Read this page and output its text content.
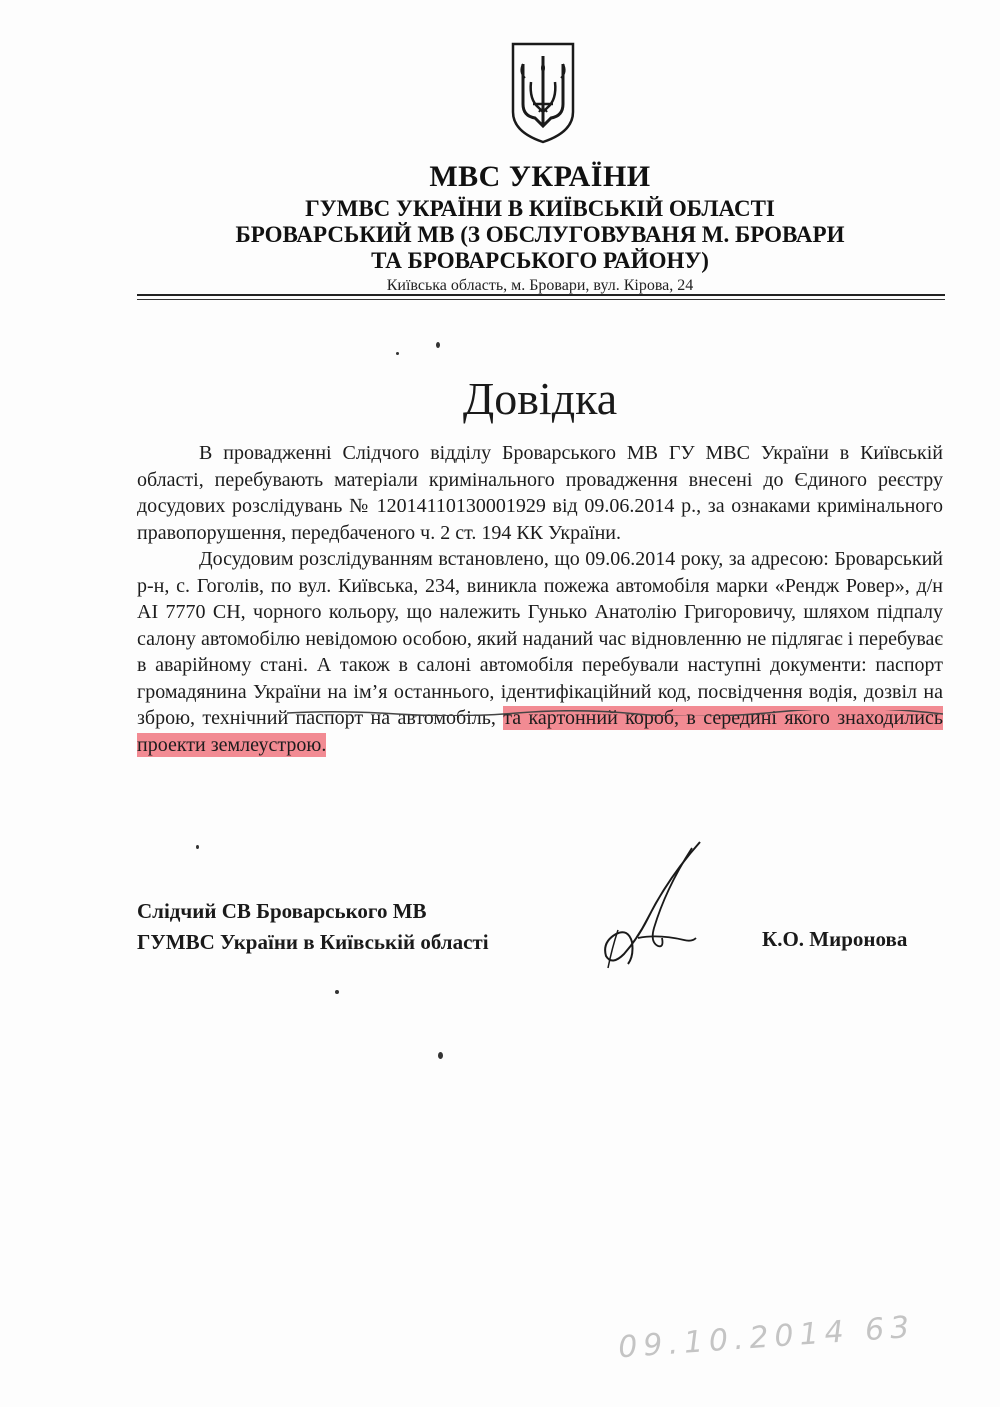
МВС УКРАЇНИ
ГУМВС УКРАЇНИ В КИЇВСЬКІЙ ОБЛАСТІ
БРОВАРСЬКИЙ МВ (З ОБСЛУГОВУВАНЯ М. БРОВАРИ
ТА БРОВАРСЬКОГО РАЙОНУ)
Київська область, м. Бровари, вул. Кірова, 24
Довідка

В провадженні Слідчого відділу Броварського МВ ГУ МВС України в Київській області, перебувають матеріали кримінального провадження внесені до Єдиного реєстру досудових розслідувань № 12014110130001929 від 09.06.2014 р., за ознаками кримінального правопорушення, передбаченого ч. 2 ст. 194 КК України.

Досудовим розслідуванням встановлено, що 09.06.2014 року, за адресою: Броварський р-н, с. Гоголів, по вул. Київська, 234, виникла пожежа автомобіля марки «Рендж Ровер», д/н АІ 7770 СН, чорного кольору, що належить Гунько Анатолію Григоровичу, шляхом підпалу салону автомобілю невідомою особою, який наданий час відновленню не підлягає і перебуває в аварійному стані. А також в салоні автомобіля перебували наступні документи: паспорт громадянина України на ім’я останнього, ідентифікаційний код, посвідчення водія, дозвіл на зброю, технічний паспорт на автомобіль, та картонний короб, в середині якого знаходились проекти землеустрою.

Слідчий СВ Броварського МВ
ГУМВС України в Київській області	К.О. Миронова
09.10.2014 63
